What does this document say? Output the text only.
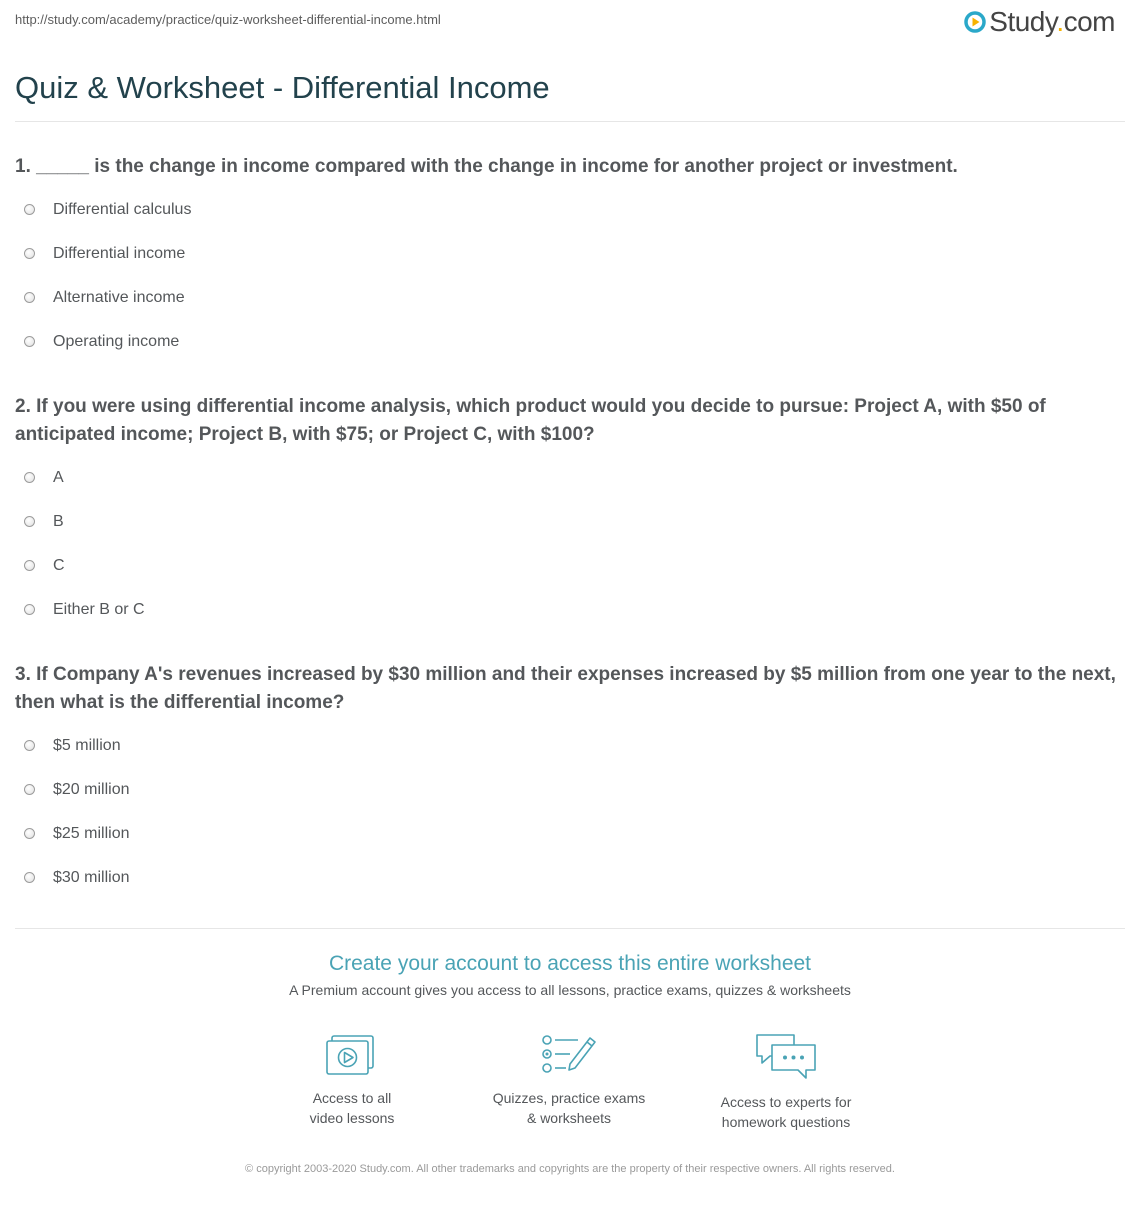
http://study.com/academy/practice/quiz-worksheet-differential-income.html	Study.com
Quiz & Worksheet - Differential Income

1. _____ is the change in income compared with the change in income for another project or investment.

Differential calculus
Differential income
Alternative income
Operating income

2. If you were using differential income analysis, which product would you decide to pursue: Project A, with $50 of anticipated income; Project B, with $75; or Project C, with $100?

A
B
C
Either B or C

3. If Company A's revenues increased by $30 million and their expenses increased by $5 million from one year to the next, then what is the differential income?

$5 million
$20 million
$25 million
$30 million
Create your account to access this entire worksheet
A Premium account gives you access to all lessons, practice exams, quizzes & worksheets
Access to all
video lessons
Quizzes, practice exams
& worksheets
Access to experts for
homework questions
© copyright 2003-2020 Study.com. All other trademarks and copyrights are the property of their respective owners. All rights reserved.
